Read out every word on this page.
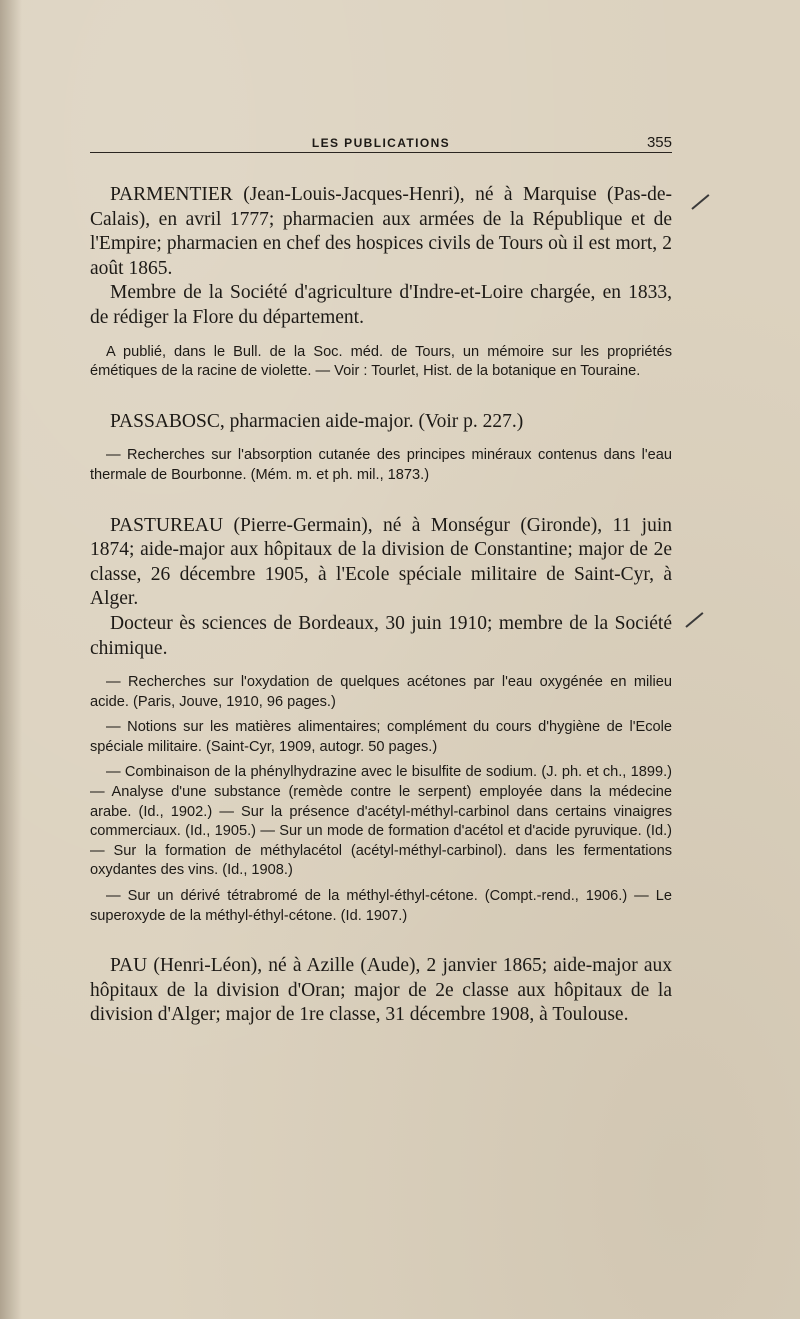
LES PUBLICATIONS	355

PARMENTIER (Jean-Louis-Jacques-Henri), né à Marquise (Pas-de-Calais), en avril 1777; pharmacien aux armées de la République et de l'Empire; pharmacien en chef des hospices civils de Tours où il est mort, 2 août 1865.

Membre de la Société d'agriculture d'Indre-et-Loire chargée, en 1833, de rédiger la Flore du département.

A publié, dans le Bull. de la Soc. méd. de Tours, un mémoire sur les propriétés émétiques de la racine de violette. — Voir : Tourlet, Hist. de la botanique en Touraine.

PASSABOSC, pharmacien aide-major. (Voir p. 227.)

— Recherches sur l'absorption cutanée des principes minéraux contenus dans l'eau thermale de Bourbonne. (Mém. m. et ph. mil., 1873.)

PASTUREAU (Pierre-Germain), né à Monségur (Gironde), 11 juin 1874; aide-major aux hôpitaux de la division de Constantine; major de 2e classe, 26 décembre 1905, à l'Ecole spéciale militaire de Saint-Cyr, à Alger.

Docteur ès sciences de Bordeaux, 30 juin 1910; membre de la Société chimique.

— Recherches sur l'oxydation de quelques acétones par l'eau oxygénée en milieu acide. (Paris, Jouve, 1910, 96 pages.)

— Notions sur les matières alimentaires; complément du cours d'hygiène de l'Ecole spéciale militaire. (Saint-Cyr, 1909, autogr. 50 pages.)

— Combinaison de la phénylhydrazine avec le bisulfite de sodium. (J. ph. et ch., 1899.) — Analyse d'une substance (remède contre le serpent) employée dans la médecine arabe. (Id., 1902.) — Sur la présence d'acétyl-méthyl-carbinol dans certains vinaigres commerciaux. (Id., 1905.) — Sur un mode de formation d'acétol et d'acide pyruvique. (Id.) — Sur la formation de méthylacétol (acétyl-méthyl-carbinol). dans les fermentations oxydantes des vins. (Id., 1908.)

— Sur un dérivé tétrabromé de la méthyl-éthyl-cétone. (Compt.-rend., 1906.) — Le superoxyde de la méthyl-éthyl-cétone. (Id. 1907.)

PAU (Henri-Léon), né à Azille (Aude), 2 janvier 1865; aide-major aux hôpitaux de la division d'Oran; major de 2e classe aux hôpitaux de la division d'Alger; major de 1re classe, 31 décembre 1908, à Toulouse.
